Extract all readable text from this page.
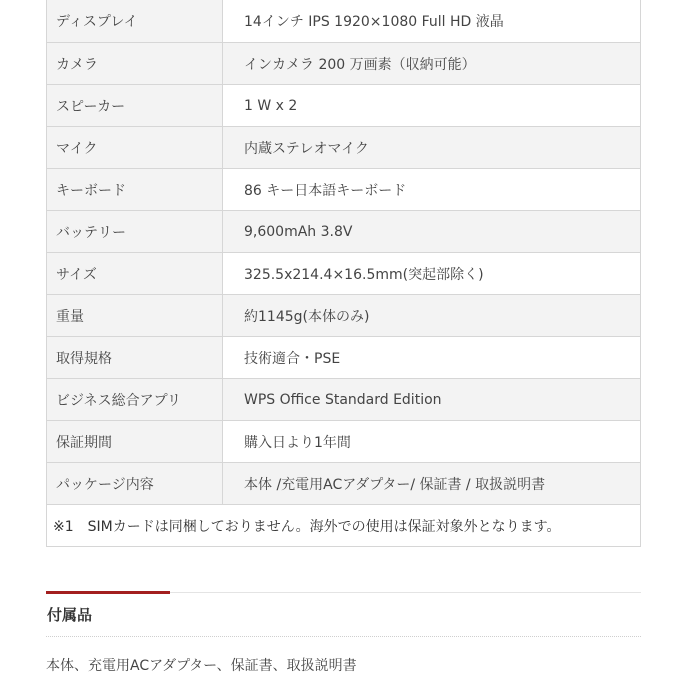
ディスプレイ	14インチ IPS 1920×1080 Full HD 液晶
カメラ	インカメラ 200 万画素（収納可能）
スピーカー	1 W x 2
マイク	内蔵ステレオマイク
キーボード	86 キー日本語キーボード
バッテリー	9,600mAh 3.8V
サイズ	325.5x214.4×16.5mm(突起部除く)
重量	約1145g(本体のみ)
取得規格	技術適合・PSE
ビジネス総合アプリ	WPS Office Standard Edition
保証期間	購入日より1年間
パッケージ内容	本体 /充電用ACアダプター/ 保証書 / 取扱説明書
※1　SIMカードは同梱しておりません。海外での使用は保証対象外となります。	
付属品
本体、充電用ACアダプター、保証書、取扱説明書
